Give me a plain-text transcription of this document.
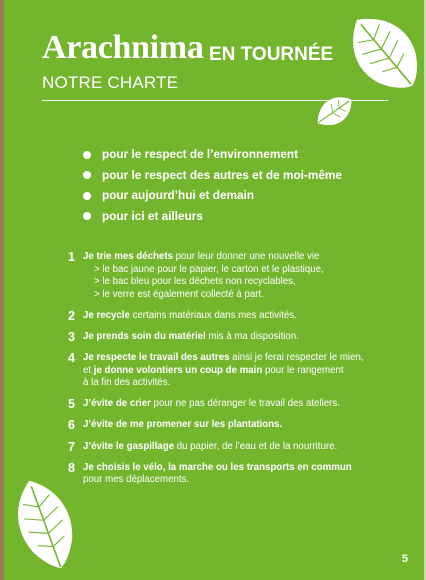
Arachnima EN TOURNÉE
NOTRE CHARTE
pour le respect de l’environnement
pour le respect des autres et de moi-même
pour aujourd’hui et demain
pour ici et ailleurs
1 Je trie mes déchets pour leur donner une nouvelle vie
> le bac jaune pour le papier, le carton et le plastique,
> le bac bleu pour les déchets non recyclables,
> le verre est également collecté à part.
2 Je recycle certains matériaux dans mes activités.
3 Je prends soin du matériel mis à ma disposition.
4 Je respecte le travail des autres ainsi je ferai respecter le mien,
et je donne volontiers un coup de main pour le rangement
à la fin des activités.
5 J’évite de crier pour ne pas déranger le travail des ateliers.
6 J’évite de me promener sur les plantations.
7 J’évite le gaspillage du papier, de l’eau et de la nourriture.
8 Je choisis le vélo, la marche ou les transports en commun
pour mes déplacements.
5
